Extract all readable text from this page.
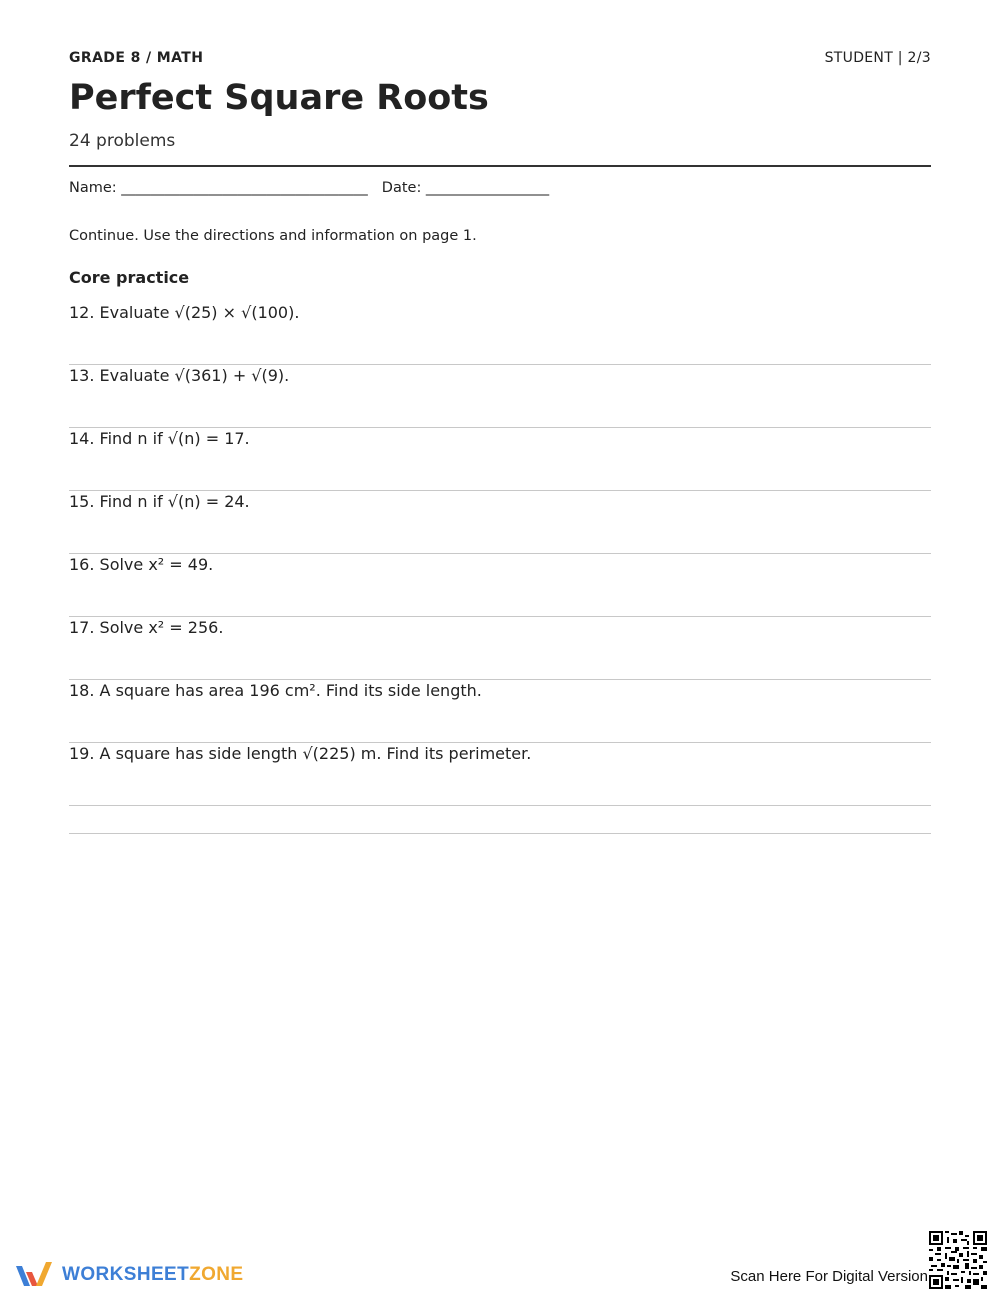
GRADE 8 / MATH	STUDENT | 2/3
Perfect Square Roots
24 problems
Name: __________________________________ Date: _________________
Continue. Use the directions and information on page 1.
Core practice
12. Evaluate √(25) × √(100).
13. Evaluate √(361) + √(9).
14. Find n if √(n) = 17.
15. Find n if √(n) = 24.
16. Solve x² = 49.
17. Solve x² = 256.
18. A square has area 196 cm². Find its side length.
19. A square has side length √(225) m. Find its perimeter.
WORKSHEETZONE	Scan Here For Digital Version
